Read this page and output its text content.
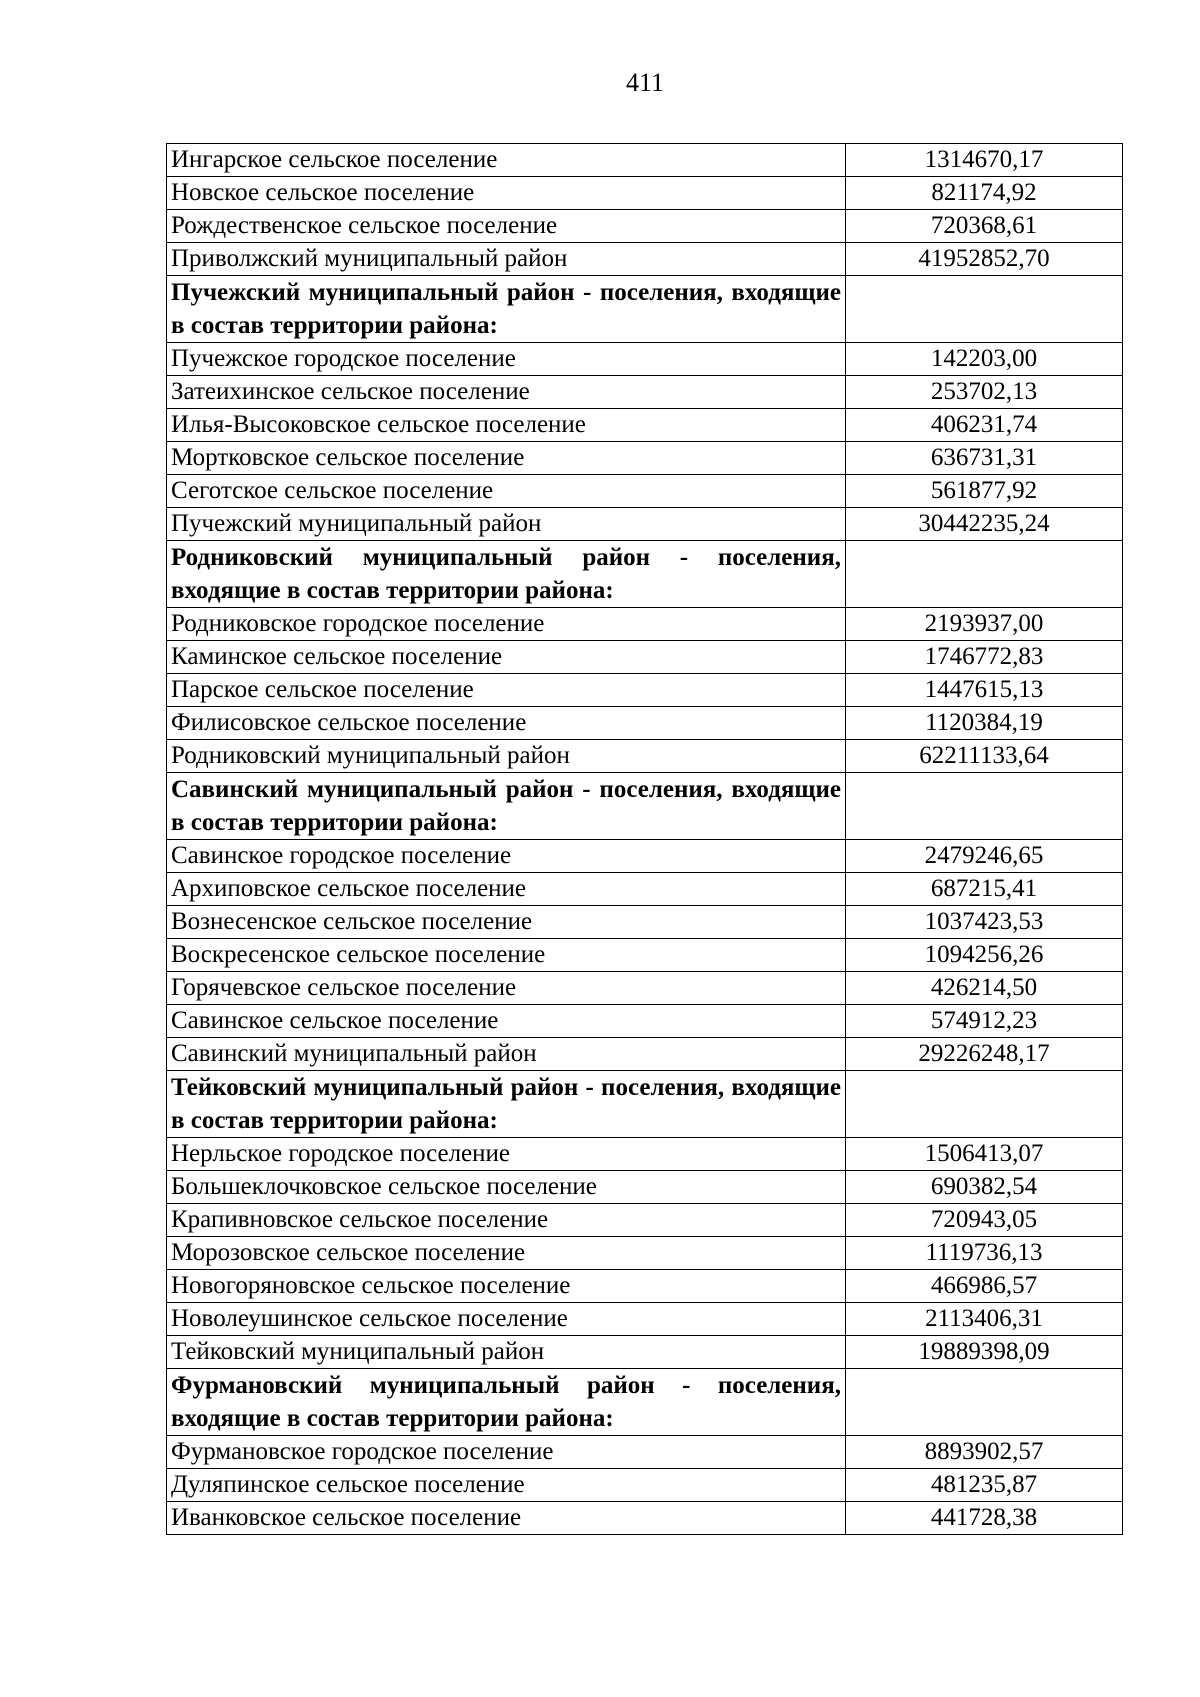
411
Ингарское сельское поселение	1314670,17
Новское сельское поселение	821174,92
Рождественское сельское поселение	720368,61
Приволжский муниципальный район	41952852,70
Пучежский муниципальный район - поселения, входящие в состав территории района:	
Пучежское городское поселение	142203,00
Затеихинское сельское поселение	253702,13
Илья-Высоковское сельское поселение	406231,74
Мортковское сельское поселение	636731,31
Сеготское сельское поселение	561877,92
Пучежский муниципальный район	30442235,24
Родниковский муниципальный район - поселения, входящие в состав территории района:	
Родниковское городское поселение	2193937,00
Каминское сельское поселение	1746772,83
Парское сельское поселение	1447615,13
Филисовское сельское поселение	1120384,19
Родниковский муниципальный район	62211133,64
Савинский муниципальный район - поселения, входящие в состав территории района:	
Савинское городское поселение	2479246,65
Архиповское сельское поселение	687215,41
Вознесенское сельское поселение	1037423,53
Воскресенское сельское поселение	1094256,26
Горячевское сельское поселение	426214,50
Савинское сельское поселение	574912,23
Савинский муниципальный район	29226248,17
Тейковский муниципальный район - поселения, входящие в состав территории района:	
Нерльское городское поселение	1506413,07
Большеклочковское сельское поселение	690382,54
Крапивновское сельское поселение	720943,05
Морозовское сельское поселение	1119736,13
Новогоряновское сельское поселение	466986,57
Новолеушинское сельское поселение	2113406,31
Тейковский муниципальный район	19889398,09
Фурмановский муниципальный район - поселения, входящие в состав территории района:	
Фурмановское городское поселение	8893902,57
Дуляпинское сельское поселение	481235,87
Иванковское сельское поселение	441728,38
